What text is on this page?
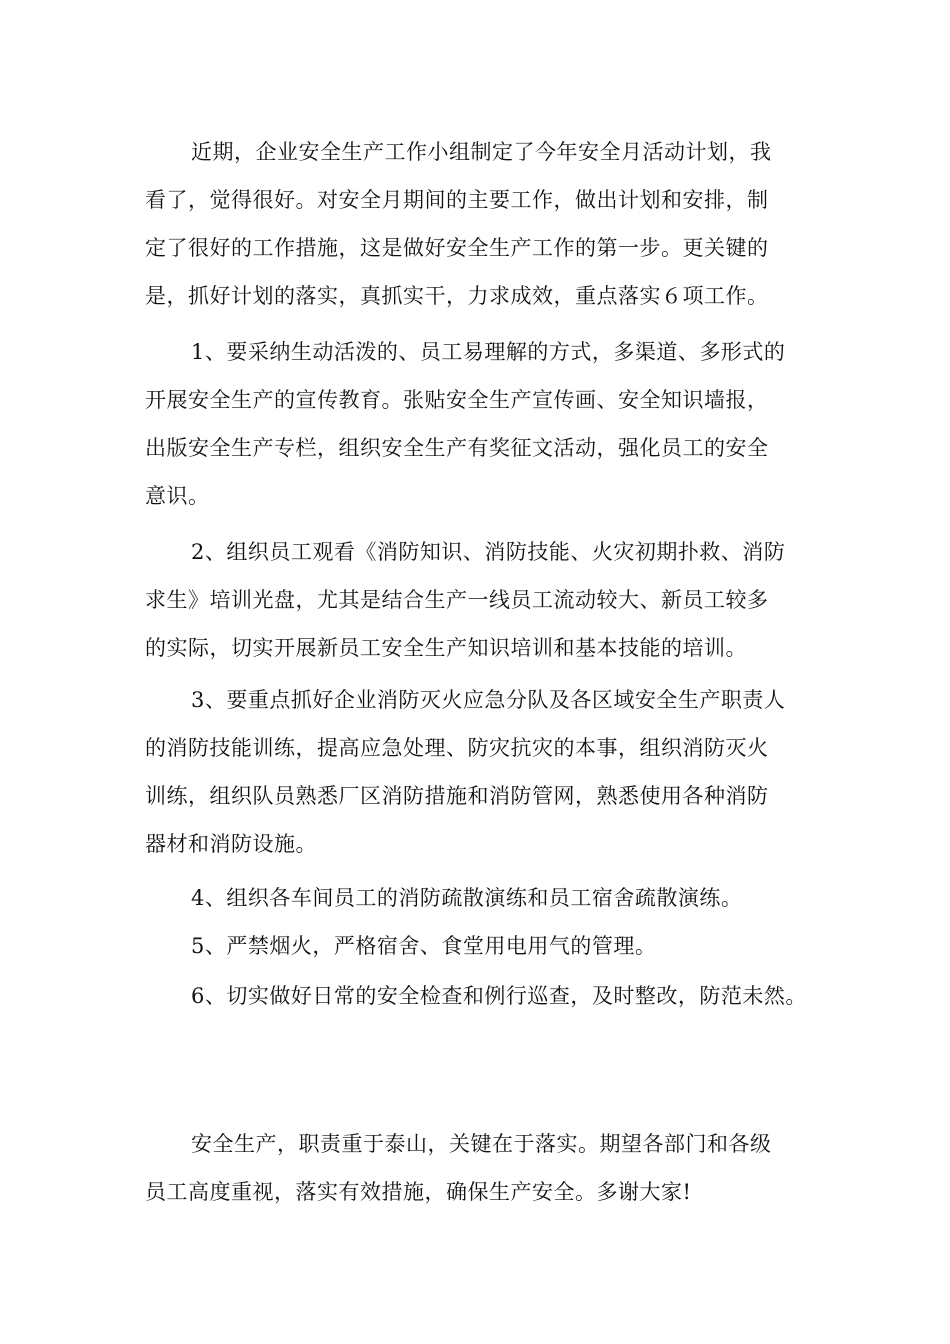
近期，企业安全生产工作小组制定了今年安全月活动计划，我
看了，觉得很好。对安全月期间的主要工作，做出计划和安排，制
定了很好的工作措施，这是做好安全生产工作的第一步。更关键的
是，抓好计划的落实，真抓实干，力求成效，重点落实６项工作。

1、要采纳生动活泼的、员工易理解的方式，多渠道、多形式的
开展安全生产的宣传教育。张贴安全生产宣传画、安全知识墙报，
出版安全生产专栏，组织安全生产有奖征文活动，强化员工的安全
意识。

2、组织员工观看《消防知识、消防技能、火灾初期扑救、消防
求生》培训光盘，尤其是结合生产一线员工流动较大、新员工较多
的实际，切实开展新员工安全生产知识培训和基本技能的培训。

3、要重点抓好企业消防灭火应急分队及各区域安全生产职责人
的消防技能训练，提高应急处理、防灾抗灾的本事，组织消防灭火
训练，组织队员熟悉厂区消防措施和消防管网，熟悉使用各种消防
器材和消防设施。

4、组织各车间员工的消防疏散演练和员工宿舍疏散演练。

5、严禁烟火，严格宿舍、食堂用电用气的管理。

6、切实做好日常的安全检查和例行巡查，及时整改，防范未然。

安全生产，职责重于泰山，关键在于落实。期望各部门和各级
员工高度重视，落实有效措施，确保生产安全。多谢大家!
